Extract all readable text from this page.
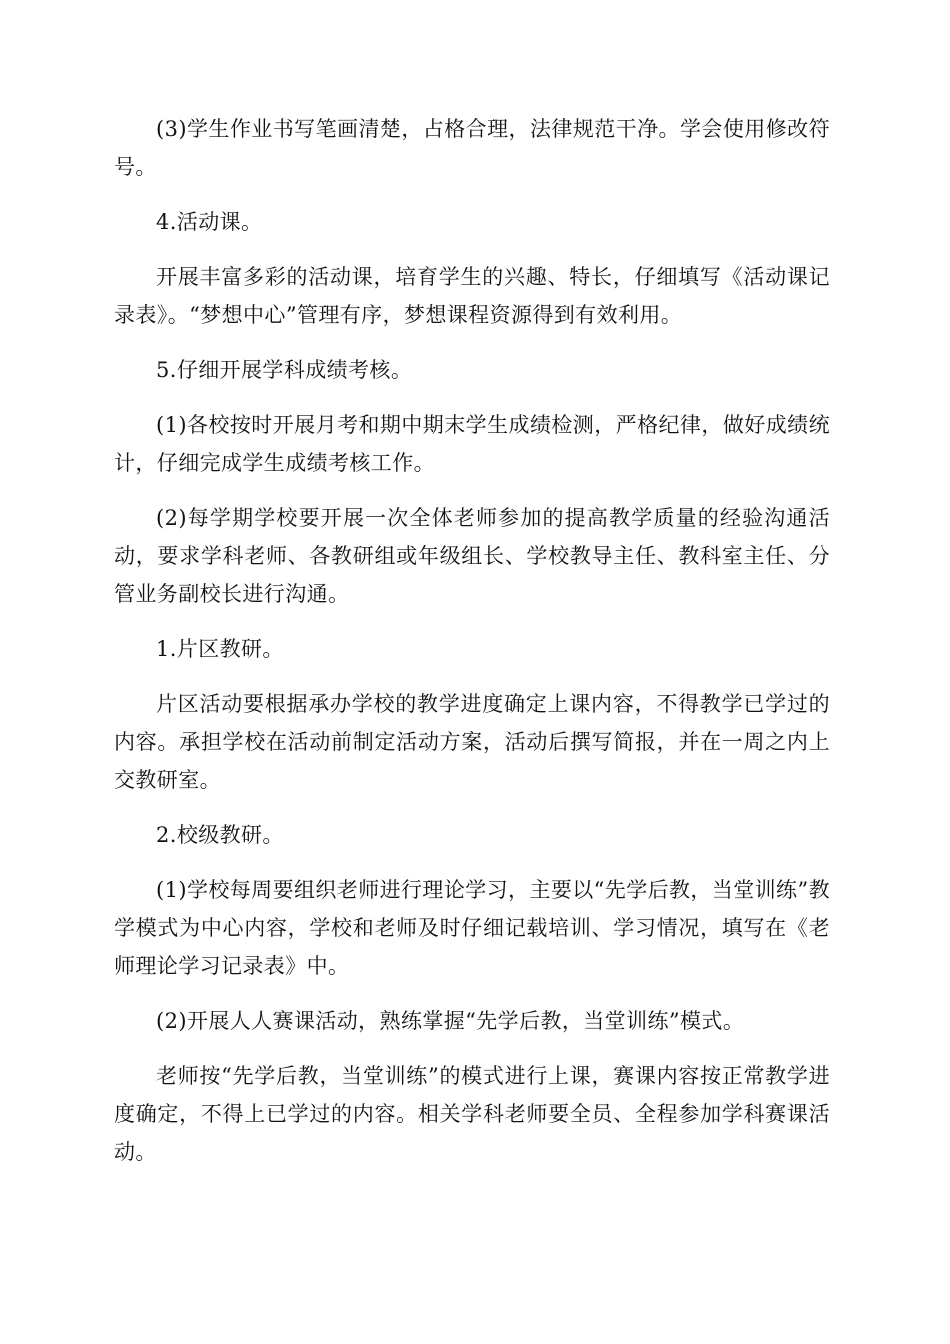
(3)学生作业书写笔画清楚，占格合理，法律规范干净。学会使用修改符号。

4.活动课。

开展丰富多彩的活动课，培育学生的兴趣、特长，仔细填写《活动课记录表》。“梦想中心”管理有序，梦想课程资源得到有效利用。

5.仔细开展学科成绩考核。

(1)各校按时开展月考和期中期末学生成绩检测，严格纪律，做好成绩统计，仔细完成学生成绩考核工作。

(2)每学期学校要开展一次全体老师参加的提高教学质量的经验沟通活动，要求学科老师、各教研组或年级组长、学校教导主任、教科室主任、分管业务副校长进行沟通。

1.片区教研。

片区活动要根据承办学校的教学进度确定上课内容，不得教学已学过的内容。承担学校在活动前制定活动方案，活动后撰写简报，并在一周之内上交教研室。

2.校级教研。

(1)学校每周要组织老师进行理论学习，主要以“先学后教，当堂训练”教学模式为中心内容，学校和老师及时仔细记载培训、学习情况，填写在《老师理论学习记录表》中。

(2)开展人人赛课活动，熟练掌握“先学后教，当堂训练”模式。

老师按“先学后教，当堂训练”的模式进行上课，赛课内容按正常教学进度确定，不得上已学过的内容。相关学科老师要全员、全程参加学科赛课活动。
